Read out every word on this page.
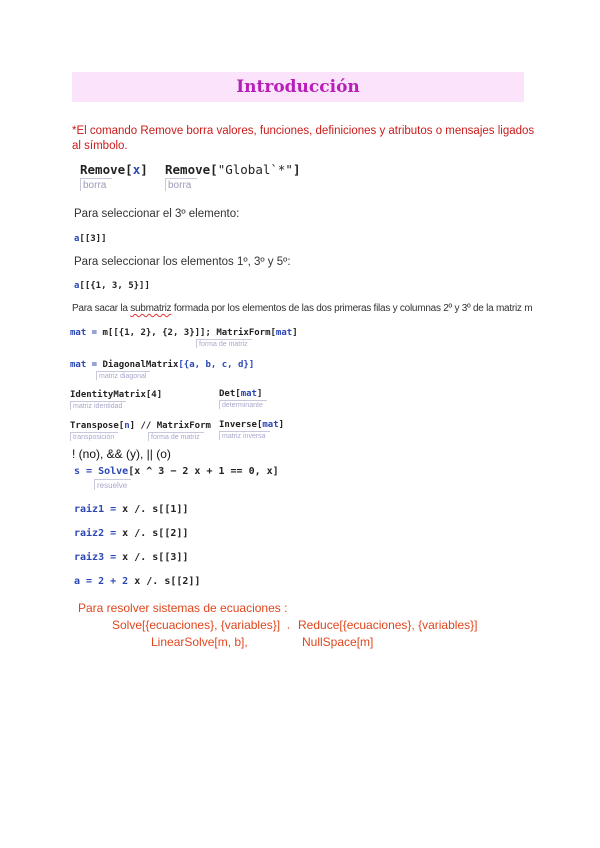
Introducción
*El comando Remove borra valores, funciones, definiciones y atributos o mensajes ligados
al símbolo.
Remove[x]
borra
Remove["Global`*"]
borra
Para seleccionar el 3º elemento:
a[[3]]
Para seleccionar los elementos 1º, 3º y 5º:
a[[{1, 3, 5}]]
Para sacar la submatriz formada por los elementos de las dos primeras filas y columnas 2º y 3º de la matriz m
mat = m[[{1, 2}, {2, 3}]]; MatrixForm[mat]
forma de matriz
mat = DiagonalMatrix[{a, b, c, d}]
matriz diagonal
IdentityMatrix[4]
matriz identidad
Det[mat]
determinante
Transpose[n] // MatrixForm
transposición	forma de matriz
Inverse[mat]
matriz inversa
! (no), && (y), || (o)
s = Solve[x ^ 3 − 2 x + 1 == 0, x]
resuelve
raiz1 = x /. s[[1]]
raiz2 = x /. s[[2]]
raiz3 = x /. s[[3]]
a = 2 + 2 x /. s[[2]]
Para resolver sistemas de ecuaciones :
Solve[{ecuaciones}, {variables}] , Reduce[{ecuaciones}, {variables}]
LinearSolve[m, b],	NullSpace[m]
